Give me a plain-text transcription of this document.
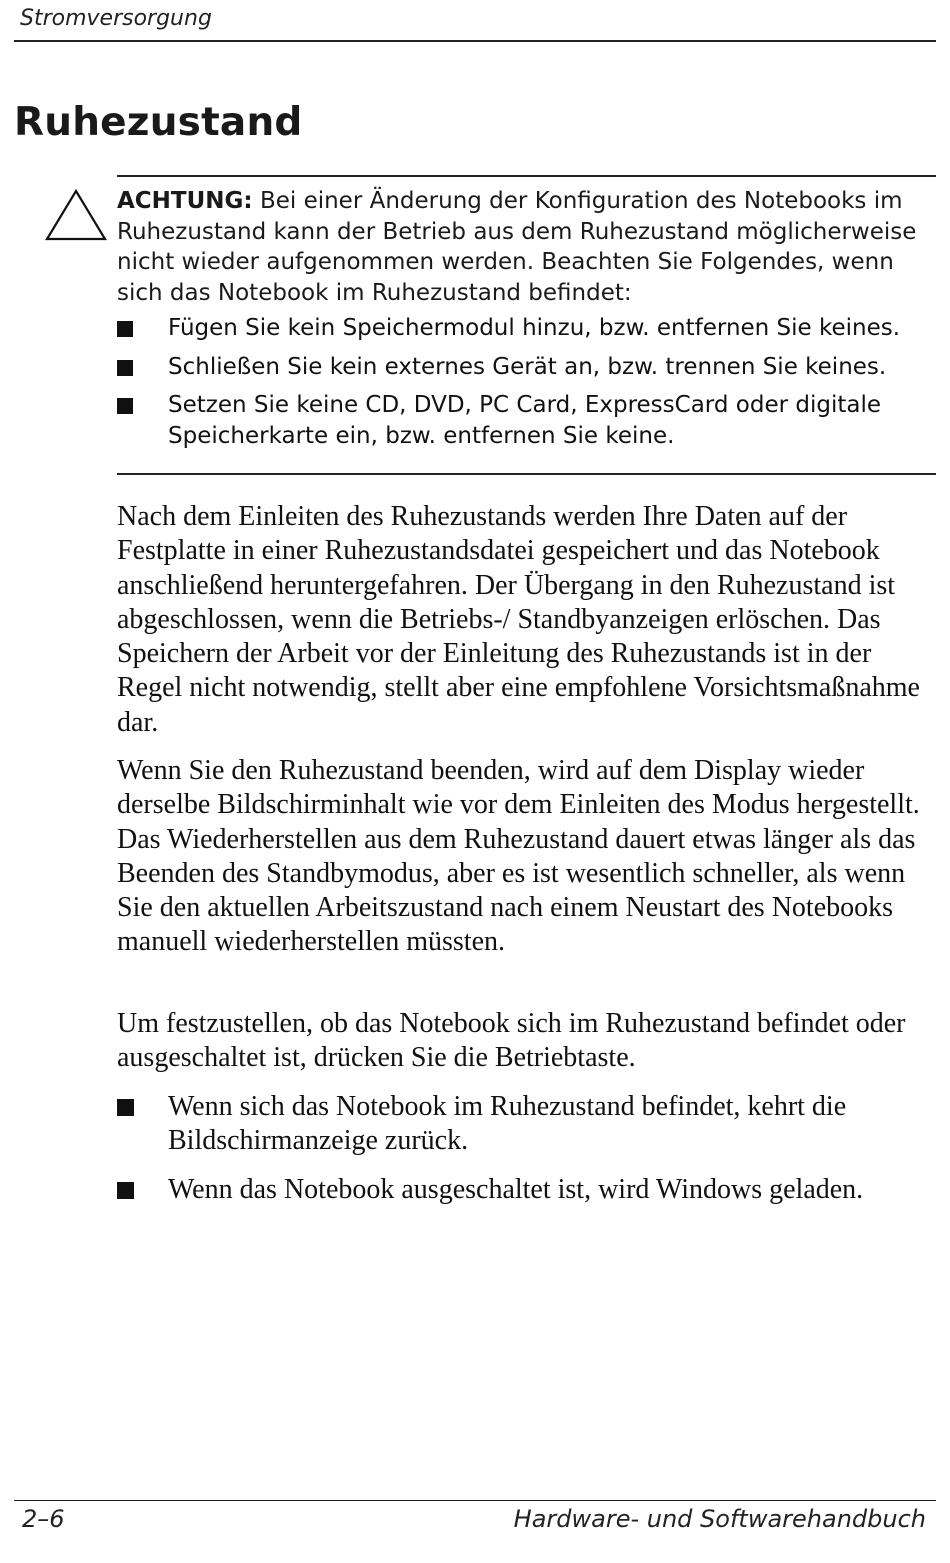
Stromversorgung
Ruhezustand
ACHTUNG: Bei einer Änderung der Konfiguration des Notebooks im Ruhezustand kann der Betrieb aus dem Ruhezustand möglicherweise nicht wieder aufgenommen werden. Beachten Sie Folgendes, wenn sich das Notebook im Ruhezustand befindet:
Fügen Sie kein Speichermodul hinzu, bzw. entfernen Sie keines.
Schließen Sie kein externes Gerät an, bzw. trennen Sie keines.
Setzen Sie keine CD, DVD, PC Card, ExpressCard oder digitale Speicherkarte ein, bzw. entfernen Sie keine.
Nach dem Einleiten des Ruhezustands werden Ihre Daten auf der Festplatte in einer Ruhezustandsdatei gespeichert und das Notebook anschließend heruntergefahren. Der Übergang in den Ruhezustand ist abgeschlossen, wenn die Betriebs-/ Standbyanzeigen erlöschen. Das Speichern der Arbeit vor der Einleitung des Ruhezustands ist in der Regel nicht notwendig, stellt aber eine empfohlene Vorsichtsmaßnahme dar.
Wenn Sie den Ruhezustand beenden, wird auf dem Display wieder derselbe Bildschirminhalt wie vor dem Einleiten des Modus hergestellt. Das Wiederherstellen aus dem Ruhezustand dauert etwas länger als das Beenden des Standbymodus, aber es ist wesentlich schneller, als wenn Sie den aktuellen Arbeitszustand nach einem Neustart des Notebooks manuell wiederherstellen müssten.
Um festzustellen, ob das Notebook sich im Ruhezustand befindet oder ausgeschaltet ist, drücken Sie die Betriebtaste.
Wenn sich das Notebook im Ruhezustand befindet, kehrt die Bildschirmanzeige zurück.
Wenn das Notebook ausgeschaltet ist, wird Windows geladen.
2–6	Hardware- und Softwarehandbuch
